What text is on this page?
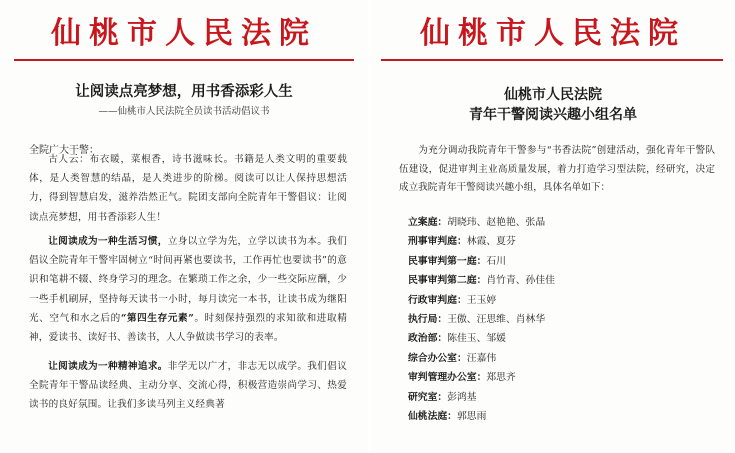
仙桃市人民法院
让阅读点亮梦想，用书香添彩人生
——仙桃市人民法院全员读书活动倡议书
全院广大干警：

古人云：布衣暖，菜根香，诗书滋味长。书籍是人类文明的重要载体，是人类智慧的结晶，是人类进步的阶梯。阅读可以让人保持思想活力，得到智慧启发，滋养浩然正气。院团支部向全院青年干警倡议：让阅读点亮梦想，用书香添彩人生！

让阅读成为一种生活习惯，立身以立学为先，立学以读书为本。我们倡议全院青年干警牢固树立“时间再紧也要读书，工作再忙也要读书”的意识和笔耕不辍、终身学习的理念。在繁琐工作之余，少一些交际应酬，少一些手机刷屏，坚持每天读书一小时，每月读完一本书，让读书成为继阳光、空气和水之后的“第四生存元素”。时刻保持强烈的求知欲和进取精神，爱读书、读好书、善读书，人人争做读书学习的表率。

让阅读成为一种精神追求。非学无以广才，非志无以成学。我们倡议全院青年干警品读经典、主动分享、交流心得，积极营造崇尚学习、热爱读书的良好氛围。让我们多读马列主义经典著

仙桃市人民法院
仙桃市人民法院
青年干警阅读兴趣小组名单

为充分调动我院青年干警参与“书香法院”创建活动，强化青年干警队伍建设，促进审判主业高质量发展，着力打造学习型法院，经研究，决定成立我院青年干警阅读兴趣小组，具体名单如下：

立案庭：胡晓玮、赵艳艳、张晶
刑事审判庭：林霞、夏芬
民事审判第一庭：石川
民事审判第二庭：肖竹青、孙佳佳
行政审判庭：王玉婷
执行局：王傲、汪思维、肖林华
政治部：陈佳玉、邹媛
综合办公室：汪嘉伟
审判管理办公室：郑思齐
研究室：彭鸿基
仙桃法庭：郭思雨
